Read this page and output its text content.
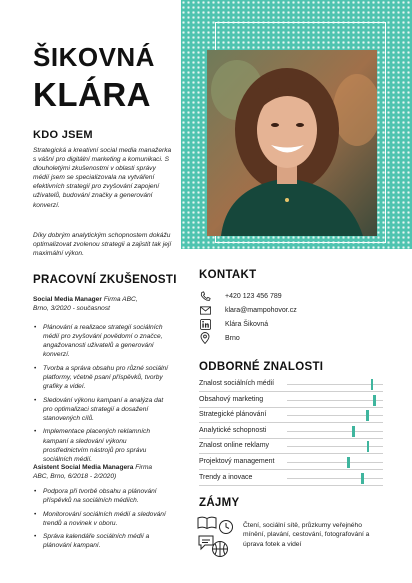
ŠIKOVNÁ
KLÁRA
KDO JSEM
Strategická a kreativní social media manažerka s vášní pro digitální marketing a komunikaci. S dlouholetými zkušenostmi v oblasti správy médií jsem se specializovala na vytváření efektivních strategií pro zvyšování zapojení uživatelů, budování značky a generování konverzí.
Díky dobrým analytickým schopnostem dokážu optimalizovat zvolenou strategii a zajistit tak její maximální výkon.
PRACOVNÍ ZKUŠENOSTI
Social Media Manager Firma ABC,
Brno, 3/2020 - současnost
• Plánování a realizace strategií sociálních médií pro zvyšování povědomí o značce, angažovanosti uživatelů a generování konverzí.
• Tvorba a správa obsahu pro různé sociální platformy, včetně psaní příspěvků, tvorby grafiky a videí.
• Sledování výkonu kampaní a analýza dat pro optimalizaci strategií a dosažení stanovených cílů.
• Implementace placených reklamních kampaní a sledování výkonu prostřednictvím nástrojů pro správu sociálních médií.
Asistent Social Media Managera Firma
ABC, Brno, 6/2018 - 2/2020)
• Podpora při tvorbě obsahu a plánování příspěvků na sociálních médiích.
• Monitorování sociálních médií a sledování trendů a novinek v oboru.
• Správa kalendáře sociálních médií a plánování kampaní.
KONTAKT
+420 123 456 789
klara@mampohovor.cz
Klára Šikovná
Brno
ODBORNÉ ZNALOSTI
Znalost sociálních médií
Obsahový marketing
Strategické plánování
Analytické schopnosti
Znalost online reklamy
Projektový management
Trendy a inovace
ZÁJMY
Čtení, sociální sítě, průzkumy veřejného mínění, plavání, cestování, fotografování a úprava fotek a videí
